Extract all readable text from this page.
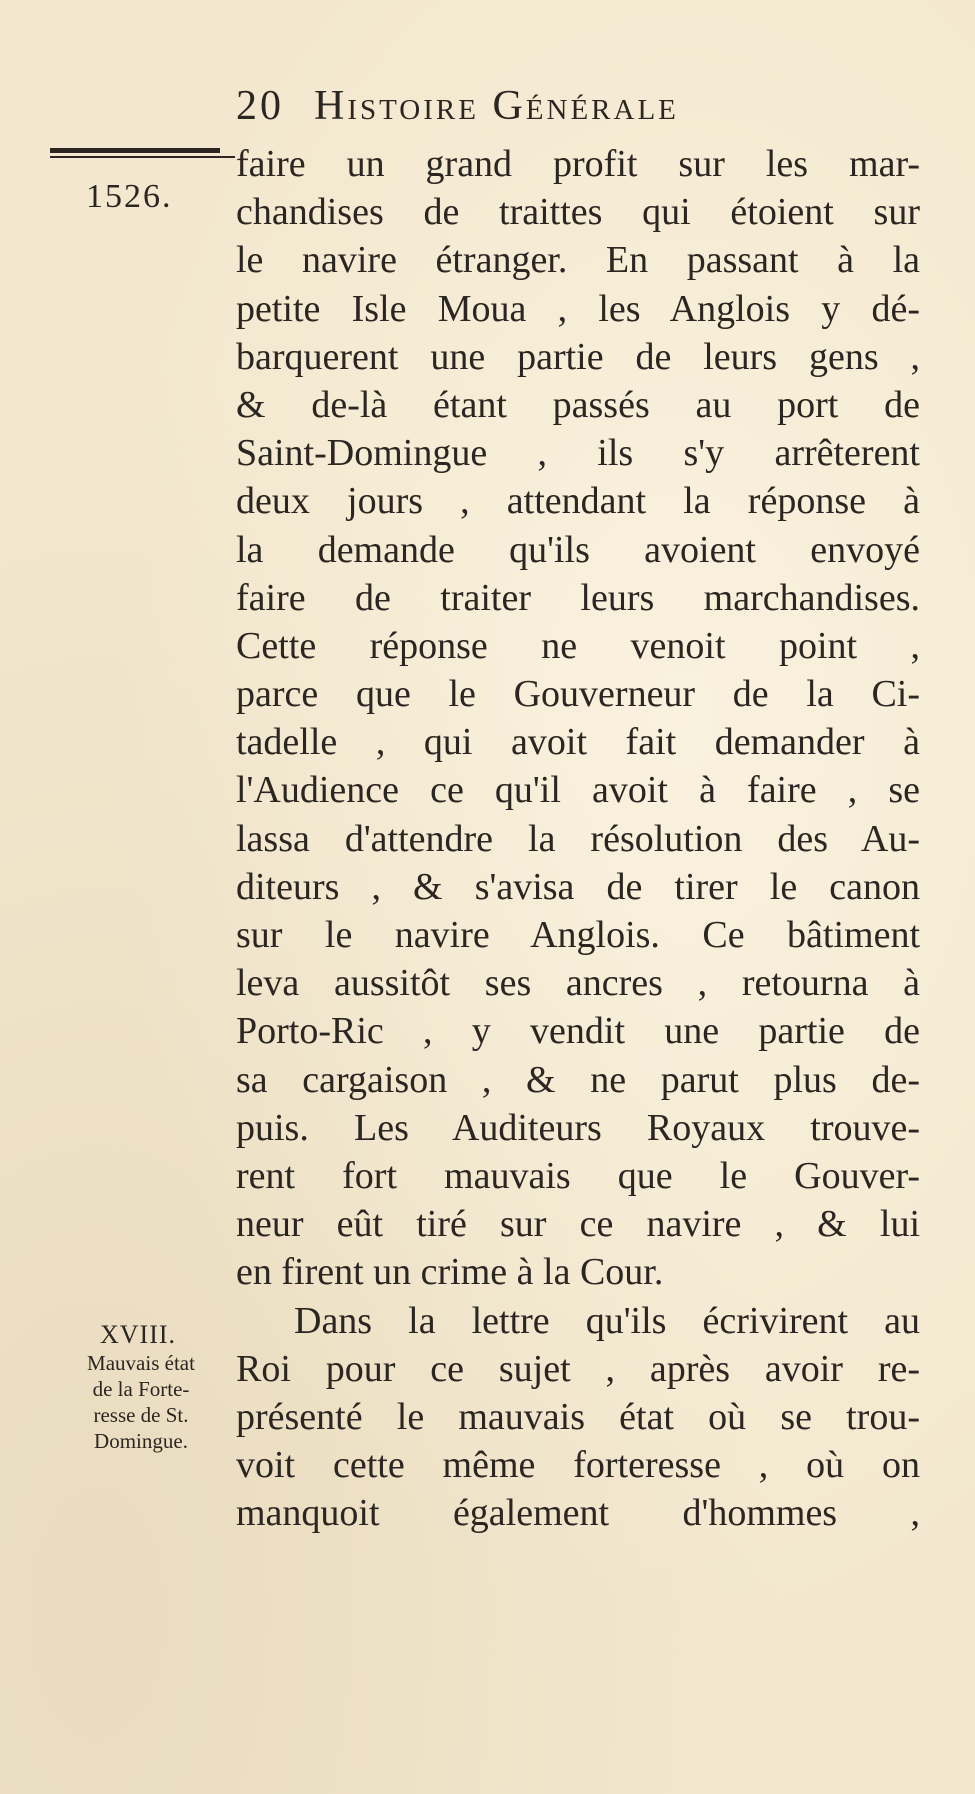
20 Histoire Générale
1526.
faire un grand profit sur les mar-
chandises de traittes qui étoient sur
le navire étranger. En passant à la
petite Isle Moua , les Anglois y dé-
barquerent une partie de leurs gens ,
& de-là étant passés au port de
Saint-Domingue , ils s'y arrêterent
deux jours , attendant la réponse à
la demande qu'ils avoient envoyé
faire de traiter leurs marchandises.
Cette réponse ne venoit point ,
parce que le Gouverneur de la Ci-
tadelle , qui avoit fait demander à
l'Audience ce qu'il avoit à faire , se
lassa d'attendre la résolution des Au-
diteurs , & s'avisa de tirer le canon
sur le navire Anglois. Ce bâtiment
leva aussitôt ses ancres , retourna à
Porto-Ric , y vendit une partie de
sa cargaison , & ne parut plus de-
puis. Les Auditeurs Royaux trouve-
rent fort mauvais que le Gouver-
neur eût tiré sur ce navire , & lui
en firent un crime à la Cour.
Dans la lettre qu'ils écrivirent au
Roi pour ce sujet , après avoir re-
présenté le mauvais état où se trou-
voit cette même forteresse , où on
manquoit également d'hommes ,
XVIII.
Mauvais état
de la Forte-
resse de St.
Domingue.
